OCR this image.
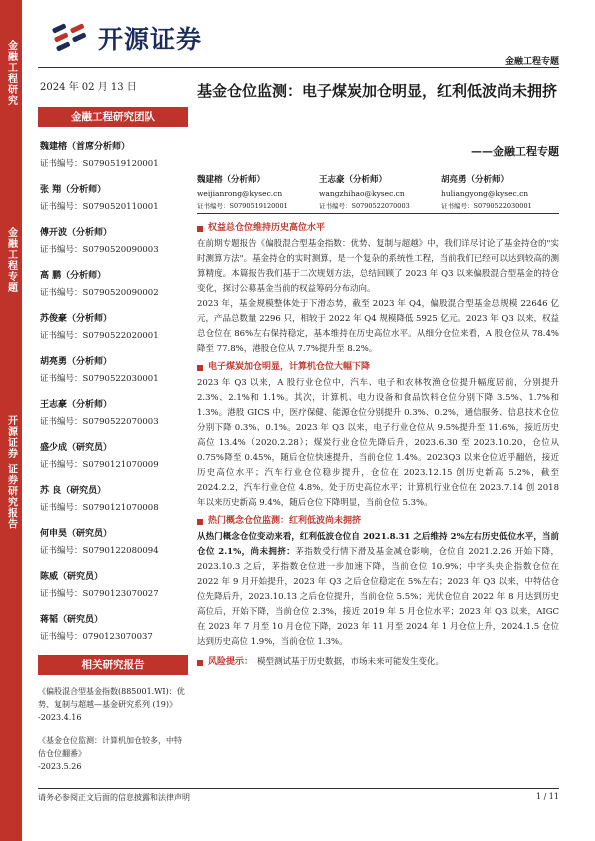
金融工程研究
金融工程专题
开源证券 证券研究报告
开源证券
金融工程专题
2024 年 02 月 13 日
金融工程研究团队
魏建榕（首席分析师）
证书编号：S0790519120001
张 翔（分析师）
证书编号：S0790520110001
傅开波（分析师）
证书编号：S0790520090003
高 鹏（分析师）
证书编号：S0790520090002
苏俊豪（分析师）
证书编号：S0790522020001
胡亮勇（分析师）
证书编号：S0790522030001
王志豪（分析师）
证书编号：S0790522070003
盛少成（研究员）
证书编号：S0790121070009
苏 良（研究员）
证书编号：S0790121070008
何申昊（研究员）
证书编号：S0790122080094
陈威（研究员）
证书编号：S0790123070027
蒋韬（研究员）
证书编号：0790123070037
相关研究报告
《偏股混合型基金指数(885001.WI)：优势、复制与超越—基金研究系列 (19)》
-2023.4.16
《基金仓位监测：计算机加仓较多，中特估仓位翻番》
-2023.5.26
基金仓位监测：电子煤炭加仓明显，红利低波尚未拥挤
——金融工程专题
魏建榕（分析师）
weijianrong@kysec.cn
证书编号：S0790519120001
王志豪（分析师）
wangzhihao@kysec.cn
证书编号：S0790522070003
胡亮勇（分析师）
huliangyong@kysec.cn
证书编号：S0790522030001
权益总仓位维持历史高位水平

在前期专题报告《偏股混合型基金指数：优势、复制与超越》中，我们详尽讨论了基金持仓的"实时测算方法"。基金持仓的实时测算，是一个复杂的系统性工程，当前我们已经可以达到较高的测算精度。本篇报告我们基于二次规划方法，总结回顾了 2023 年 Q3 以来偏股混合型基金的持仓变化，探讨公募基金当前的权益筹码分布动向。

2023 年，基金规模整体处于下滑态势，截至 2023 年 Q4，偏股混合型基金总规模 22646 亿元，产品总数量 2296 只，相较于 2022 年 Q4 规模降低 5925 亿元。2023 年 Q3 以来，权益总仓位在 86%左右保持稳定，基本维持在历史高位水平。从细分仓位来看，A 股仓位从 78.4%降至 77.8%，港股仓位从 7.7%提升至 8.2%。

电子煤炭加仓明显，计算机仓位大幅下降

2023 年 Q3 以来，A 股行业仓位中，汽车、电子和农林牧渔仓位提升幅度居前，分别提升 2.3%、2.1%和 1.1%。其次，计算机、电力设备和食品饮料仓位分别下降 3.5%、1.7%和 1.3%。港股 GICS 中，医疗保健、能源仓位分别提升 0.3%、0.2%，通信服务、信息技术仓位分别下降 0.3%、0.1%。2023 年 Q3 以来，电子行业仓位从 9.5%提升至 11.6%，接近历史高位 13.4%（2020.2.28）；煤炭行业仓位先降后升，2023.6.30 至 2023.10.20，仓位从 0.75%降至 0.45%，随后仓位快速提升，当前仓位 1.4%。2023Q3 以来仓位近乎翻倍，接近历史高位水平；汽车行业仓位稳步提升，仓位在 2023.12.15 创历史新高 5.2%，截至 2024.2.2，汽车行业仓位 4.8%，处于历史高位水平；计算机行业仓位在 2023.7.14 创 2018 年以来历史新高 9.4%，随后仓位下降明显，当前仓位 5.3%。

热门概念仓位监测：红利低波尚未拥挤

从热门概念仓位变动来看，红利低波仓位自 2021.8.31 之后维持 2%左右历史低位水平，当前仓位 2.1%，尚未拥挤：茅指数受行情下滑及基金减仓影响，仓位自 2021.2.26 开始下降，2023.10.3 之后，茅指数仓位进一步加速下降，当前仓位 10.9%；中字头央企指数仓位在 2022 年 9 月开始提升，2023 年 Q3 之后仓位稳定在 5%左右；2023 年 Q3 以来，中特估仓位先降后升，2023.10.13 之后仓位提升，当前仓位 5.5%；光伏仓位自 2022 年 8 月达到历史高位后，开始下降，当前仓位 2.3%，接近 2019 年 5 月仓位水平；2023 年 Q3 以来，AIGC 在 2023 年 7 月至 10 月仓位下降，2023 年 11 月至 2024 年 1 月仓位上升，2024.1.5 仓位达到历史高位 1.9%，当前仓位 1.3%。

风险提示： 模型测试基于历史数据，市场未来可能发生变化。
请务必参阅正文后面的信息披露和法律声明	1 / 11
